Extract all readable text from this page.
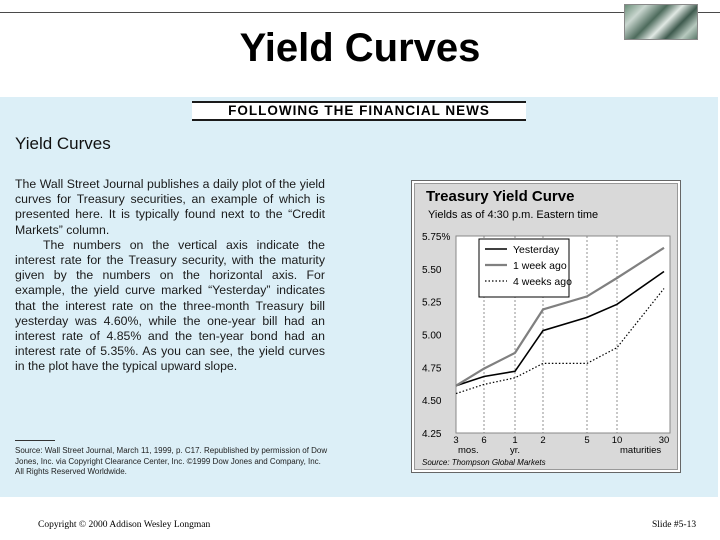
Yield Curves
FOLLOWING THE FINANCIAL NEWS
Yield Curves

The Wall Street Journal publishes a daily plot of the yield curves for Treasury securities, an example of which is presented here. It is typically found next to the “Credit Markets” column.

The numbers on the vertical axis indicate the interest rate for the Treasury security, with the maturity given by the numbers on the horizontal axis. For example, the yield curve marked “Yesterday” indicates that the interest rate on the three-month Treasury bill yesterday was 4.60%, while the one-year bill had an interest rate of 4.85% and the ten-year bond had an interest rate of 5.35%. As you can see, the yield curves in the plot have the typical upward slope.

Source: Wall Street Journal, March 11, 1999, p. C17. Republished by permission of Dow Jones, Inc. via Copyright Clearance Center, Inc. ©1999 Dow Jones and Company, Inc. All Rights Reserved Worldwide.
Treasury Yield Curve
Yields as of 4:30 p.m. Eastern time
5.75%
5.50
5.25
5.00
4.75
4.50
4.25
Yesterday
1 week ago
4 weeks ago
3 6	1 2	5 10	30
mos.	yr.	maturities
Source: Thompson Global Markets
Copyright © 2000 Addison Wesley Longman	Slide #5-13
